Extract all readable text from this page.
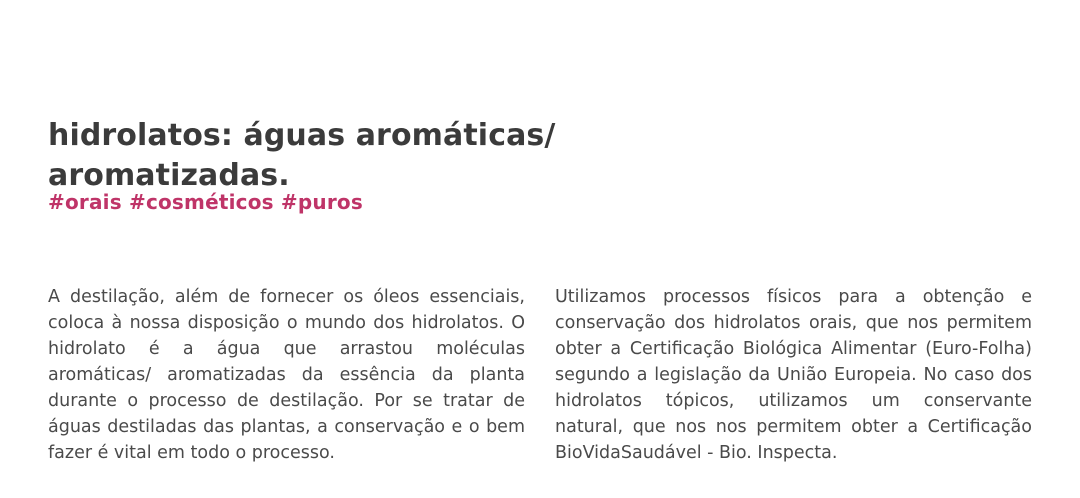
hidrolatos: águas aromáticas/ aromatizadas.
#orais #cosméticos #puros

A destilação, além de fornecer os óleos essenciais, coloca à nossa disposição o mundo dos hidrolatos. O hidrolato é a água que arrastou moléculas aromáticas/ aromatizadas da essência da planta durante o processo de destilação. Por se tratar de águas destiladas das plantas, a conservação e o bem fazer é vital em todo o processo.

Utilizamos processos físicos para a obtenção e conservação dos hidrolatos orais, que nos permitem obter a Certificação Biológica Alimentar (Euro-Folha) segundo a legislação da União Europeia. No caso dos hidrolatos tópicos, utilizamos um conservante natural, que nos nos permitem obter a Certificação BioVidaSaudável - Bio. Inspecta.
